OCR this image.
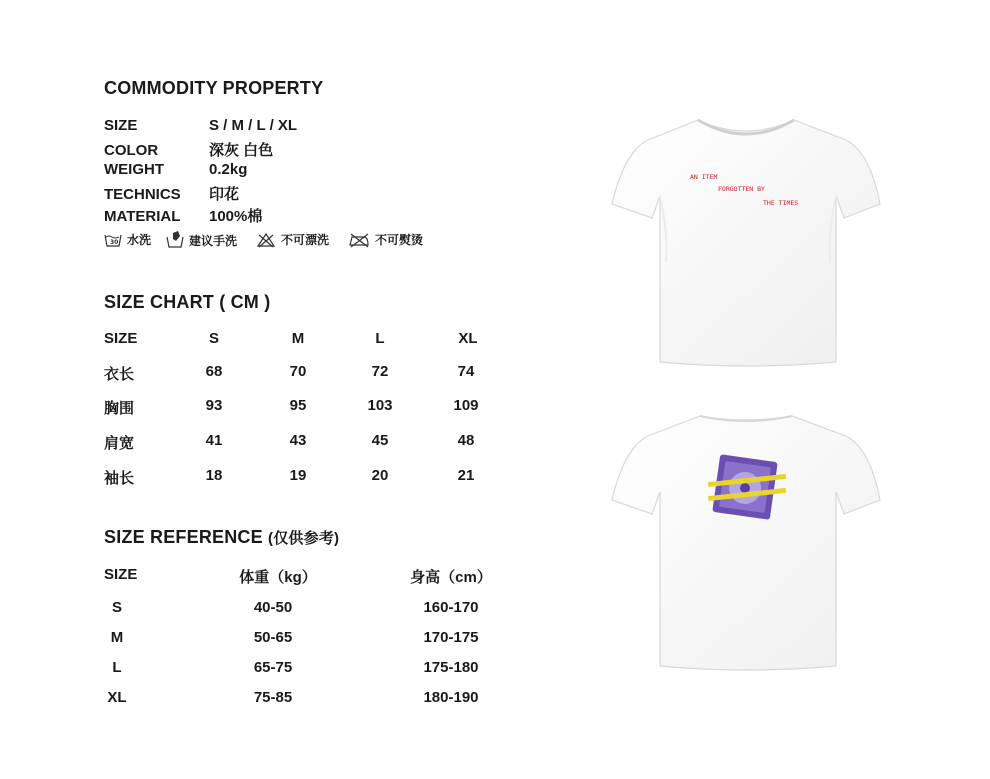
COMMODITY PROPERTY
SIZE	S / M / L / XL
COLOR	深灰 白色
WEIGHT	0.2kg
TECHNICS 印花
MATERIAL 100%棉
30 水洗	建议手洗	不可漂洗	不可熨烫
SIZE CHART ( CM )
SIZE	S	M	L	XL
衣长	68	70	72	74
胸围	93	95	103	109
肩宽	41	43	45	48
袖长	18	19	20	21
SIZE REFERENCE (仅供参考)
SIZE	体重（kg）	身高（cm）
S	40-50	160-170
M	50-65	170-175
L	65-75	175-180
XL	75-85	180-190
AN ITEM
FORGOTTEN BY
THE TIMES
